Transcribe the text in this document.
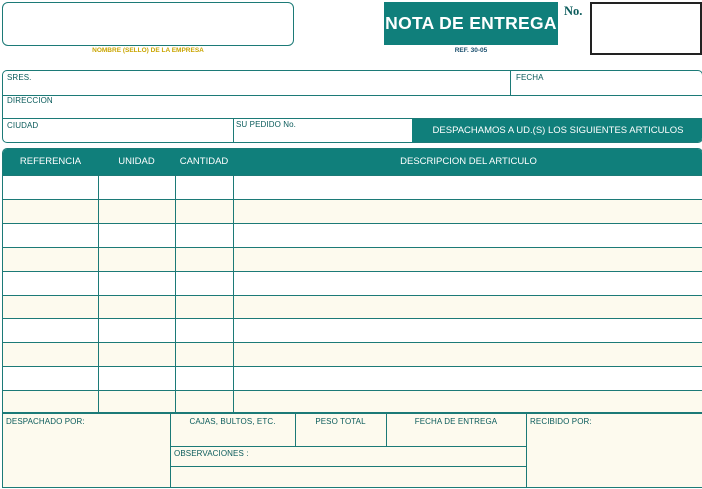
NOMBRE (SELLO) DE LA EMPRESA
NOTA DE ENTREGA
REF. 30-05
No.
SRES.	FECHA
DIRECCION
CIUDAD	SU PEDIDO No.
DESPACHAMOS A UD.(S) LOS SIGUIENTES ARTICULOS
REFERENCIA	UNIDAD	CANTIDAD	DESCRIPCION DEL ARTICULO
DESPACHADO POR:	CAJAS, BULTOS, ETC.	PESO TOTAL	FECHA DE ENTREGA
OBSERVACIONES :
RECIBIDO POR:
